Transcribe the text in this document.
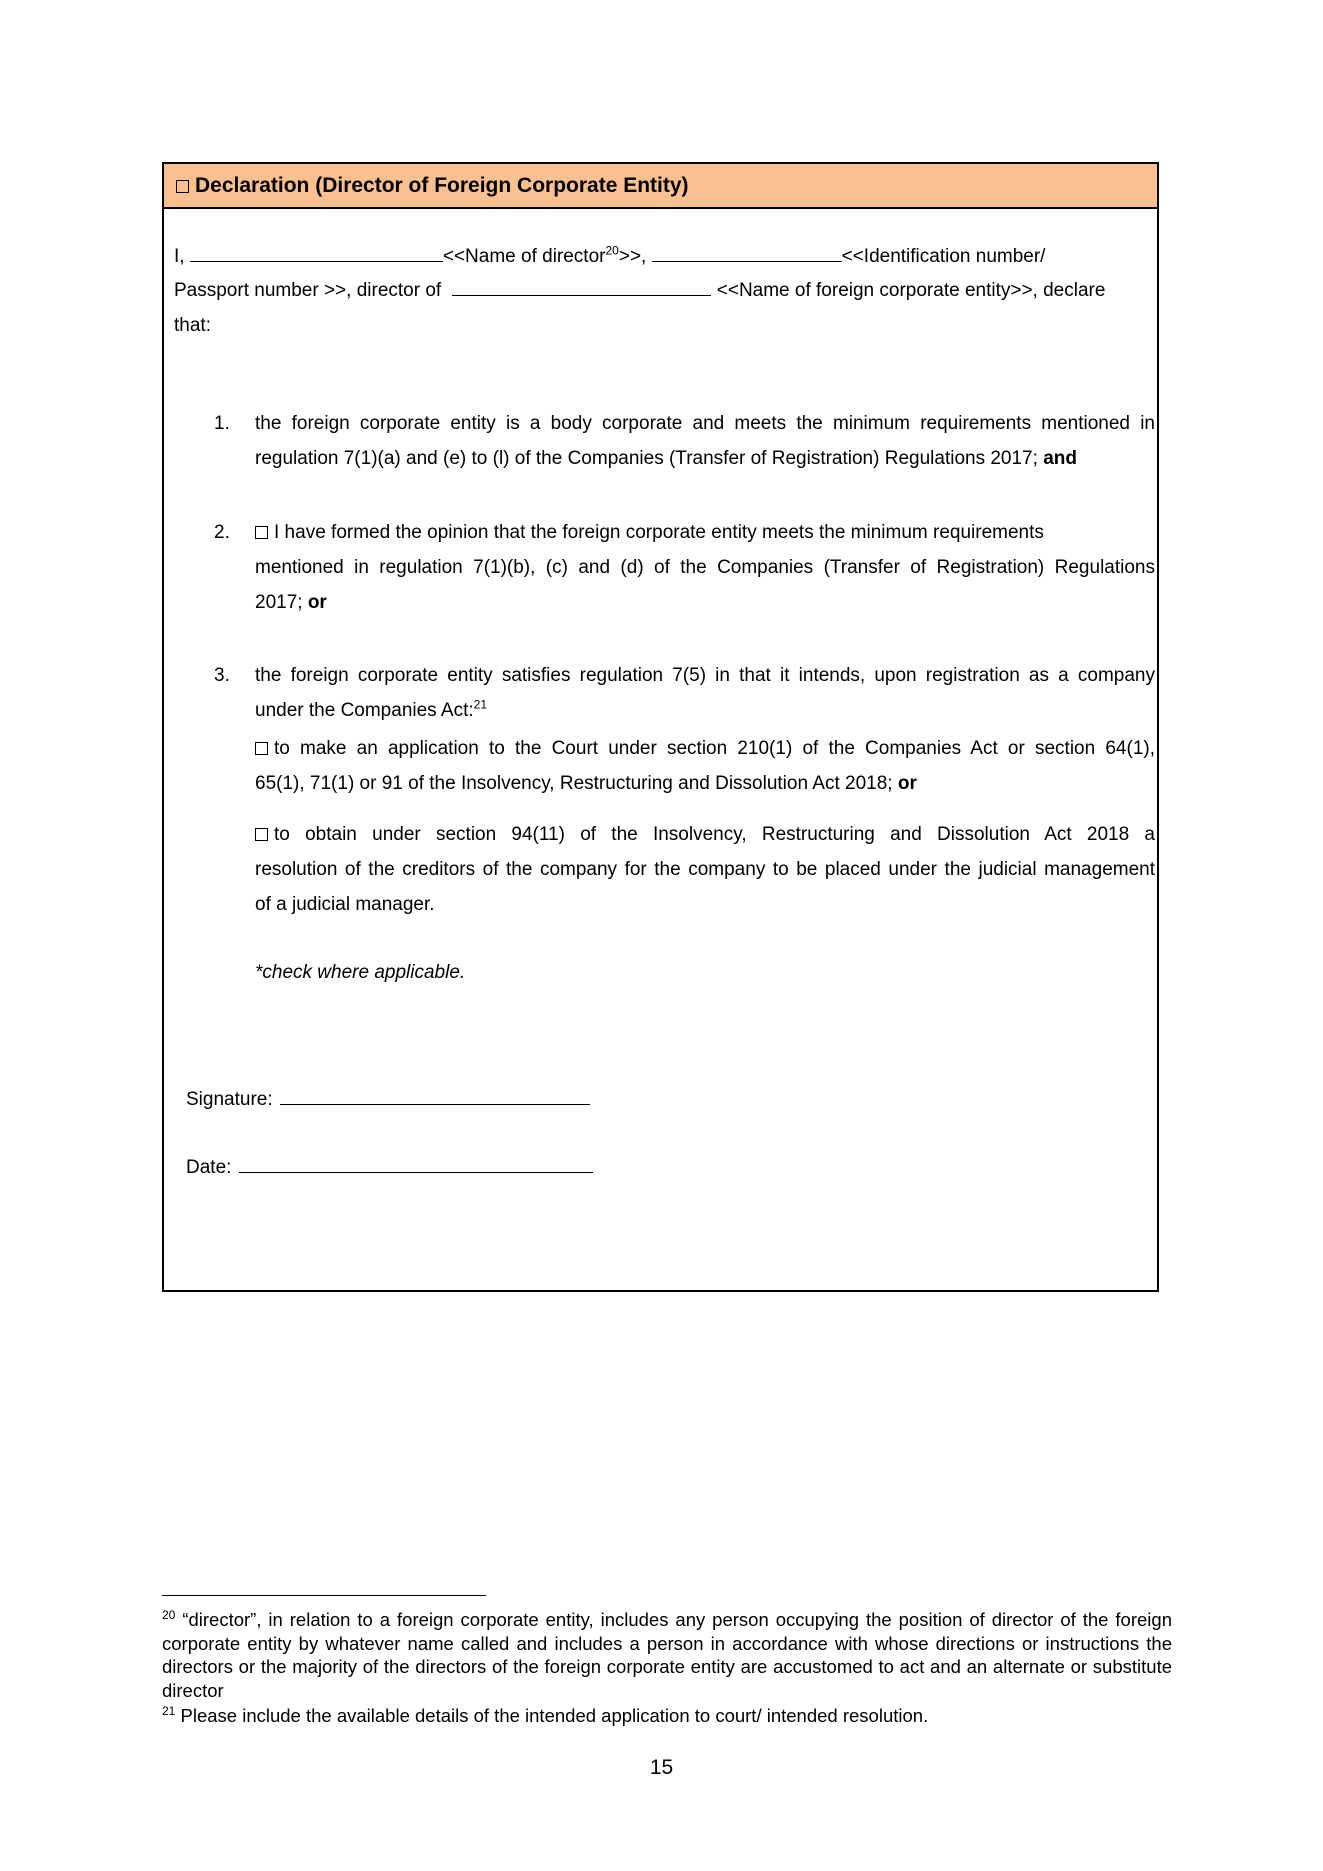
Declaration (Director of Foreign Corporate Entity)
I,	<<Name of director$^{20}$>>,	<<Identification number/
Passport number >>, director of	<<Name of foreign corporate entity>>, declare
that:
1. the foreign corporate entity is a body corporate and meets the minimum requirements mentioned in
regulation 7(1)(a) and (e) to (l) of the Companies (Transfer of Registration) Regulations 2017; and
2.	I have formed the opinion that the foreign corporate entity meets the minimum requirements
mentioned in regulation 7(1)(b), (c) and (d) of the Companies (Transfer of Registration) Regulations
2017; or
3. the foreign corporate entity satisfies regulation 7(5) in that it intends, upon registration as a company
under the Companies Act:$^{21}$
to make an application to the Court under section 210(1) of the Companies Act or section 64(1),
65(1), 71(1) or 91 of the Insolvency, Restructuring and Dissolution Act 2018; or
to obtain under section 94(11) of the Insolvency, Restructuring and Dissolution Act 2018 a
resolution of the creditors of the company for the company to be placed under the judicial management
of a judicial manager.
*check where applicable.
Signature:
Date:
$^{20}$ “director”, in relation to a foreign corporate entity, includes any person occupying the position of director of the foreign corporate entity by whatever name called and includes a person in accordance with whose directions or instructions the directors or the majority of the directors of the foreign corporate entity are accustomed to act and an alternate or substitute director
$^{21}$ Please include the available details of the intended application to court/ intended resolution.
15
